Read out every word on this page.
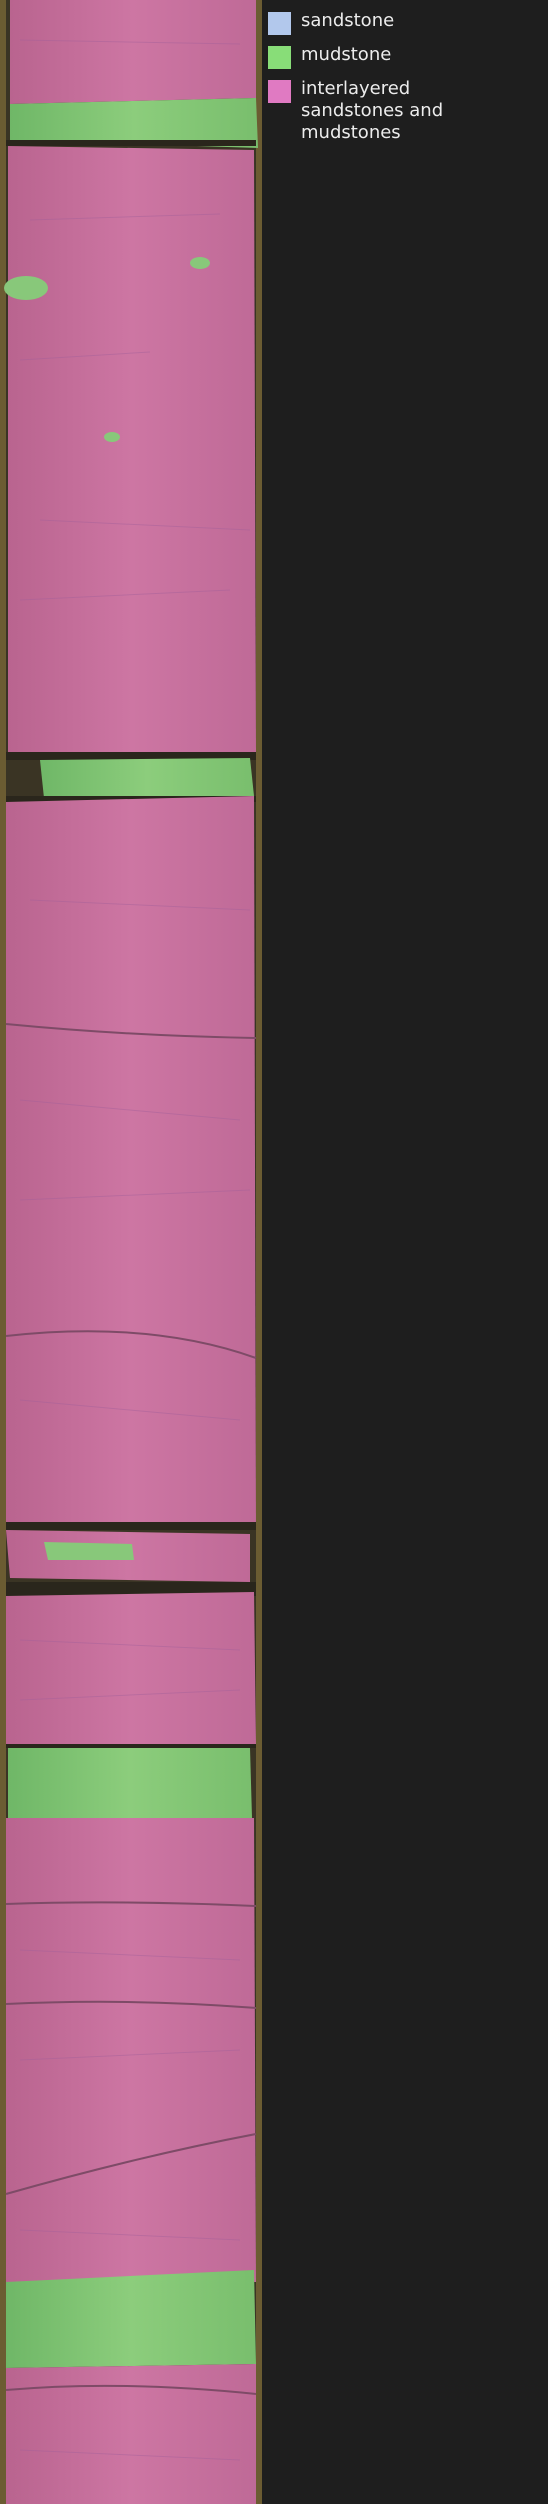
sandstone
mudstone
interlayered
sandstones and mudstones
